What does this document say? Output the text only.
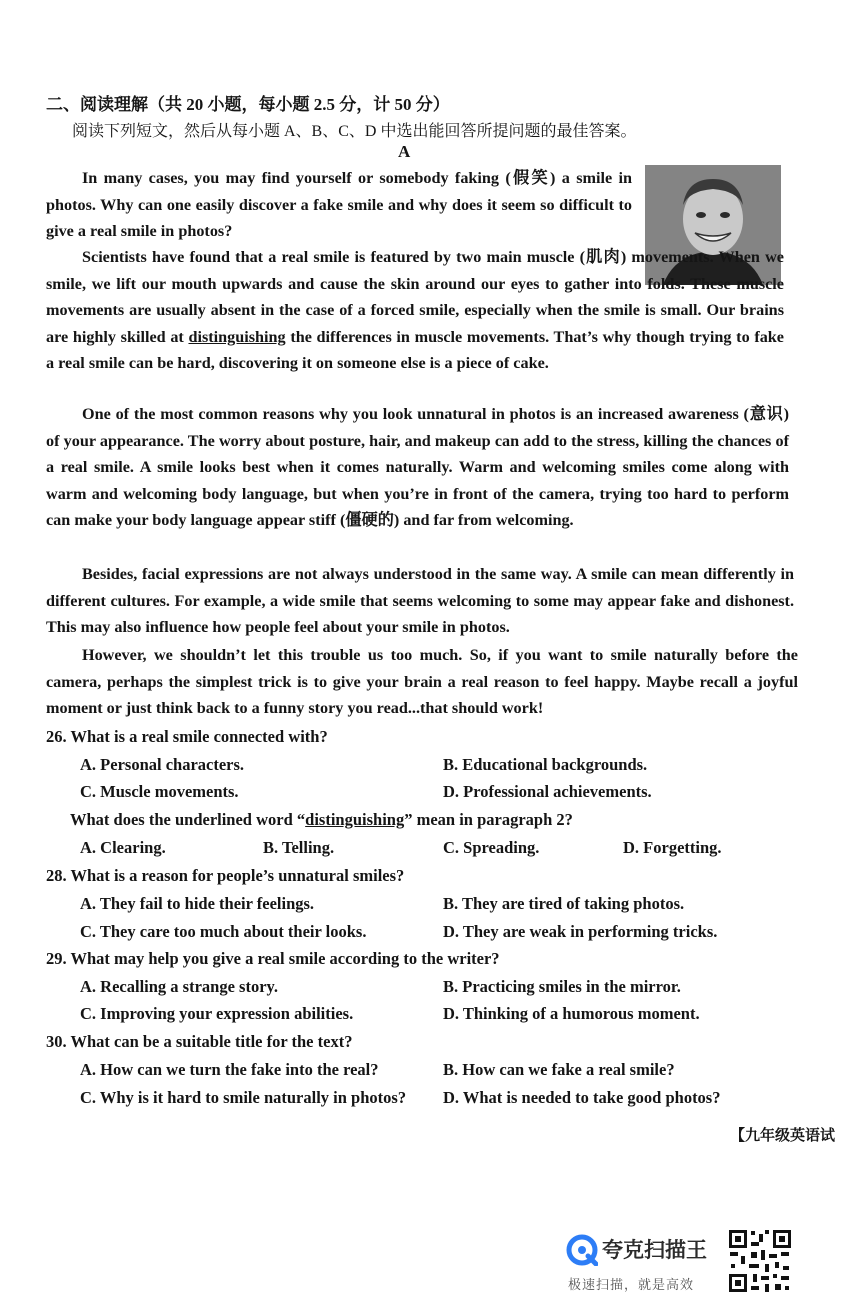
二、阅读理解（共 20 小题，每小题 2.5 分，计 50 分）
阅读下列短文，然后从每小题 A、B、C、D 中选出能回答所提问题的最佳答案。
A

In many cases, you may find yourself or somebody faking (假笑) a smile in photos. Why can one easily discover a fake smile and why does it seem so difficult to give a real smile in photos?

Scientists have found that a real smile is featured by two main muscle (肌肉) movements. When we smile, we lift our mouth upwards and cause the skin around our eyes to gather into folds. These muscle movements are usually absent in the case of a forced smile, especially when the smile is small. Our brains are highly skilled at distinguishing the differences in muscle movements. That’s why though trying to fake a real smile can be hard, discovering it on someone else is a piece of cake.

One of the most common reasons why you look unnatural in photos is an increased awareness (意识) of your appearance. The worry about posture, hair, and makeup can add to the stress, killing the chances of a real smile. A smile looks best when it comes naturally. Warm and welcoming smiles come along with warm and welcoming body language, but when you’re in front of the camera, trying too hard to perform can make your body language appear stiff (僵硬的) and far from welcoming.

Besides, facial expressions are not always understood in the same way. A smile can mean differently in different cultures. For example, a wide smile that seems welcoming to some may appear fake and dishonest. This may also influence how people feel about your smile in photos.

However, we shouldn’t let this trouble us too much. So, if you want to smile naturally before the camera, perhaps the simplest trick is to give your brain a real reason to feel happy. Maybe recall a joyful moment or just think back to a funny story you read...that should work!

26. What is a real smile connected with?
A. Personal characters.	B. Educational backgrounds.
C. Muscle movements.	D. Professional achievements.
What does the underlined word “distinguishing” mean in paragraph 2?
A. Clearing.	B. Telling.	C. Spreading.	D. Forgetting.
28. What is a reason for people’s unnatural smiles?
A. They fail to hide their feelings.	B. They are tired of taking photos.
C. They care too much about their looks.	D. They are weak in performing tricks.
29. What may help you give a real smile according to the writer?
A. Recalling a strange story.	B. Practicing smiles in the mirror.
C. Improving your expression abilities.	D. Thinking of a humorous moment.
30. What can be a suitable title for the text?
A. How can we turn the fake into the real?	B. How can we fake a real smile?
C. Why is it hard to smile naturally in photos? D. What is needed to take good photos?
【九年级英语试
夸克扫描王
极速扫描，就是高效
